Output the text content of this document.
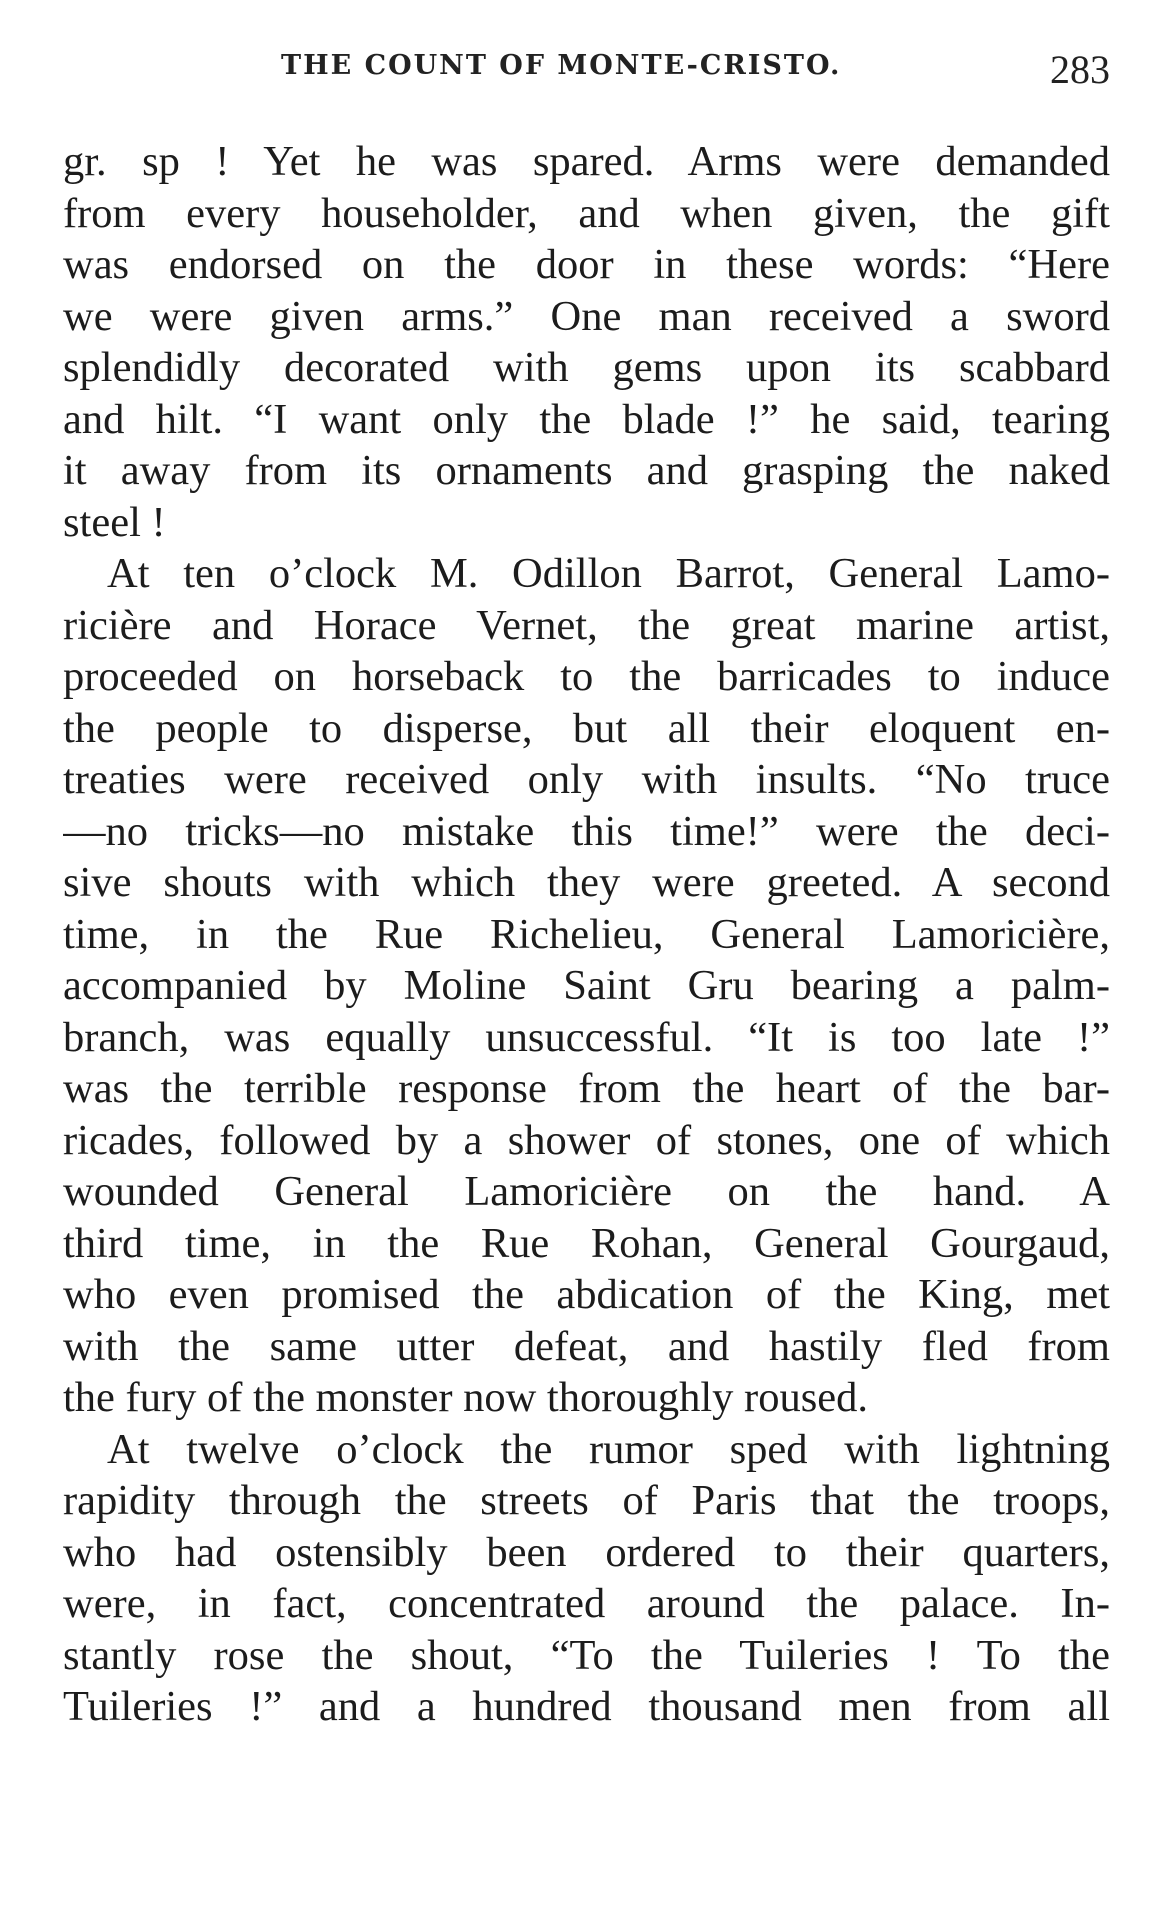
THE COUNT OF MONTE-CRISTO.	283
gr. sp ! Yet he was spared. Arms were demanded
from every householder, and when given, the gift
was endorsed on the door in these words: “Here
we were given arms.” One man received a sword
splendidly decorated with gems upon its scabbard
and hilt. “I want only the blade !” he said, tearing
it away from its ornaments and grasping the naked
steel !
At ten o’clock M. Odillon Barrot, General Lamo-
ricière and Horace Vernet, the great marine artist,
proceeded on horseback to the barricades to induce
the people to disperse, but all their eloquent en-
treaties were received only with insults. “No truce
—no tricks—no mistake this time!” were the deci-
sive shouts with which they were greeted. A second
time, in the Rue Richelieu, General Lamoricière,
accompanied by Moline Saint Gru bearing a palm-
branch, was equally unsuccessful. “It is too late !”
was the terrible response from the heart of the bar-
ricades, followed by a shower of stones, one of which
wounded General Lamoricière on the hand. A
third time, in the Rue Rohan, General Gourgaud,
who even promised the abdication of the King, met
with the same utter defeat, and hastily fled from
the fury of the monster now thoroughly roused.
At twelve o’clock the rumor sped with lightning
rapidity through the streets of Paris that the troops,
who had ostensibly been ordered to their quarters,
were, in fact, concentrated around the palace. In-
stantly rose the shout, “To the Tuileries ! To the
Tuileries !” and a hundred thousand men from all
